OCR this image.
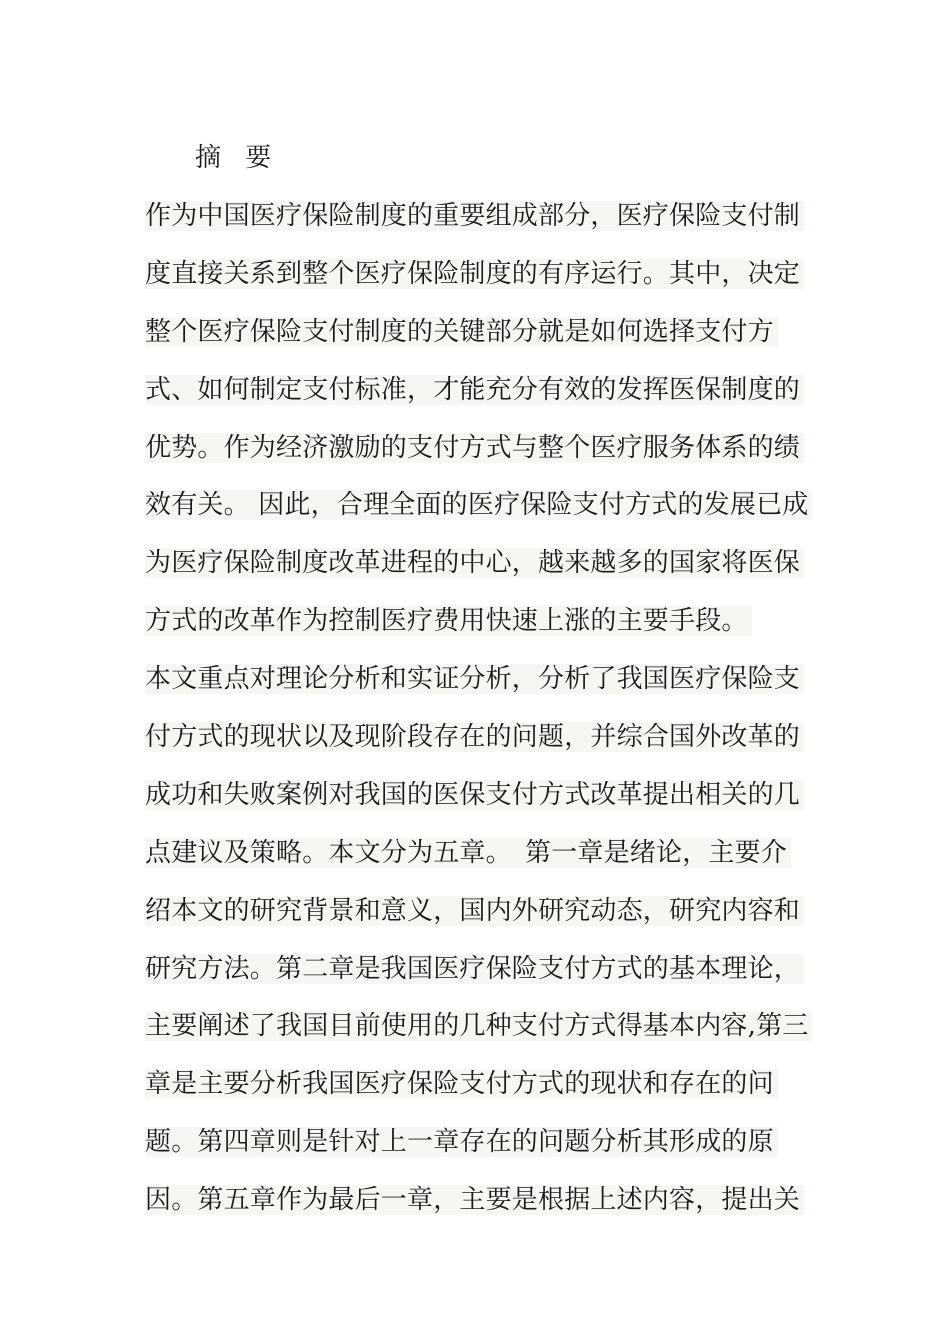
摘 要
作为中国医疗保险制度的重要组成部分，医疗保险支付制
度直接关系到整个医疗保险制度的有序运行。其中，决定
整个医疗保险支付制度的关键部分就是如何选择支付方
式、如何制定支付标准，才能充分有效的发挥医保制度的
优势。作为经济激励的支付方式与整个医疗服务体系的绩
效有关。 因此，合理全面的医疗保险支付方式的发展已成
为医疗保险制度改革进程的中心，越来越多的国家将医保
方式的改革作为控制医疗费用快速上涨的主要手段。
本文重点对理论分析和实证分析，分析了我国医疗保险支
付方式的现状以及现阶段存在的问题，并综合国外改革的
成功和失败案例对我国的医保支付方式改革提出相关的几
点建议及策略。本文分为五章。　第一章是绪论，主要介
绍本文的研究背景和意义，国内外研究动态，研究内容和
研究方法。第二章是我国医疗保险支付方式的基本理论，
主要阐述了我国目前使用的几种支付方式得基本内容,第三
章是主要分析我国医疗保险支付方式的现状和存在的问
题。第四章则是针对上一章存在的问题分析其形成的原
因。第五章作为最后一章，主要是根据上述内容，提出关
